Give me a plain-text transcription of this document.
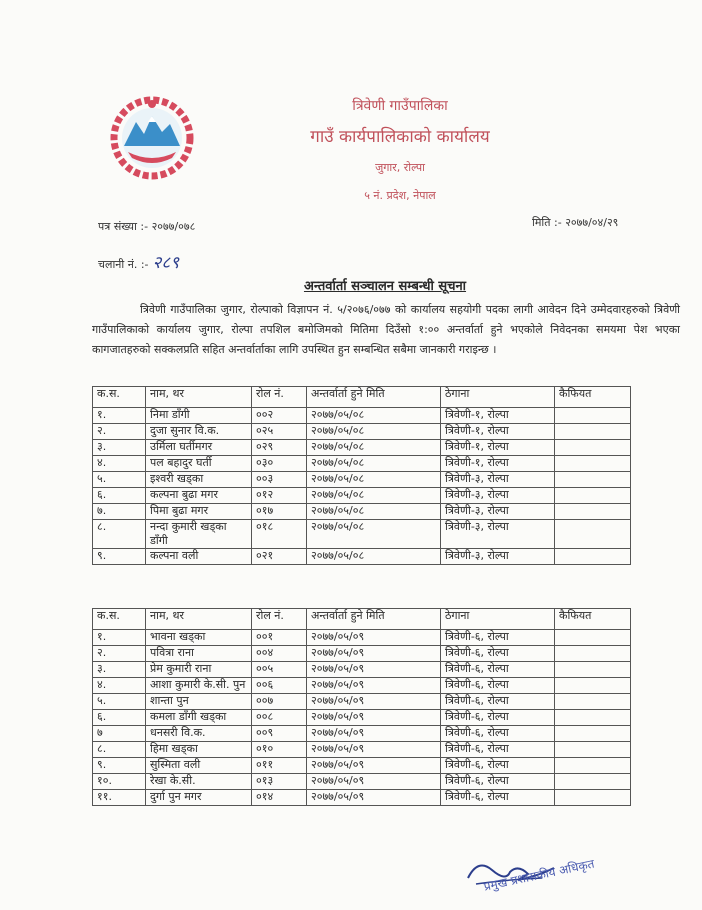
त्रिवेणी गाउँपालिका
गाउँ कार्यपालिकाको कार्यालय
जुगार, रोल्पा
५ नं. प्रदेश, नेपाल
पत्र संख्या :- २०७७/०७८	मिति :- २०७७/०४/२९
चलानी नं. :- २८९
अन्तर्वार्ता सञ्चालन सम्बन्धी सूचना
त्रिवेणी गाउँपालिका जुगार, रोल्पाको विज्ञापन नं. ५/२०७६/०७७ को कार्यालय सहयोगी पदका लागी आवेदन दिने उम्मेदवारहरुको त्रिवेणी गाउँपालिकाको कार्यालय जुगार, रोल्पा तपशिल बमोजिमको मितिमा दिउँसो १:०० अन्तर्वार्ता हुने भएकोले निवेदनका समयमा पेश भएका कागजातहरुको सक्कलप्रति सहित अन्तर्वार्ताका लागि उपस्थित हुन सम्बन्धित सबैमा जानकारी गराइन्छ ।
क.स.	नाम, थर	रोल नं.	अन्तर्वार्ता हुने मिति	ठेगाना	कैफियत
१.	निमा डाँगी	००२	२०७७/०५/०८	त्रिवेणी-१, रोल्पा	
२.	दुजा सुनार वि.क.	०२५	२०७७/०५/०८	त्रिवेणी-१, रोल्पा	
३.	उर्मिला घर्तीमगर	०२९	२०७७/०५/०८	त्रिवेणी-१, रोल्पा	
४.	पल बहादुर घर्ती	०३०	२०७७/०५/०८	त्रिवेणी-१, रोल्पा	
५.	इश्वरी खड्का	००३	२०७७/०५/०८	त्रिवेणी-३, रोल्पा	
६.	कल्पना बुढा मगर	०१२	२०७७/०५/०८	त्रिवेणी-३, रोल्पा	
७.	पिमा बुढा मगर	०१७	२०७७/०५/०८	त्रिवेणी-३, रोल्पा	
८.	नन्दा कुमारी खड्का डाँगी	०१८	२०७७/०५/०८	त्रिवेणी-३, रोल्पा	
९.	कल्पना वली	०२१	२०७७/०५/०८	त्रिवेणी-३, रोल्पा	
क.स.	नाम, थर	रोल नं.	अन्तर्वार्ता हुने मिति	ठेगाना	कैफियत
१.	भावना खड्का	००१	२०७७/०५/०९	त्रिवेणी-६, रोल्पा	
२.	पवित्रा राना	००४	२०७७/०५/०९	त्रिवेणी-६, रोल्पा	
३.	प्रेम कुमारी राना	००५	२०७७/०५/०९	त्रिवेणी-६, रोल्पा	
४.	आशा कुमारी के.सी. पुन	००६	२०७७/०५/०९	त्रिवेणी-६, रोल्पा	
५.	शान्ता पुन	००७	२०७७/०५/०९	त्रिवेणी-६, रोल्पा	
६.	कमला डाँगी खड्का	००८	२०७७/०५/०९	त्रिवेणी-६, रोल्पा	
७	धनसरी वि.क.	००९	२०७७/०५/०९	त्रिवेणी-६, रोल्पा	
८.	हिमा खड्का	०१०	२०७७/०५/०९	त्रिवेणी-६, रोल्पा	
९.	सुस्मिता वली	०११	२०७७/०५/०९	त्रिवेणी-६, रोल्पा	
१०.	रेखा के.सी.	०१३	२०७७/०५/०९	त्रिवेणी-६, रोल्पा	
११.	दुर्गा पुन मगर	०१४	२०७७/०५/०९	त्रिवेणी-६, रोल्पा	
प्रमुख प्रशासकीय अधिकृत
